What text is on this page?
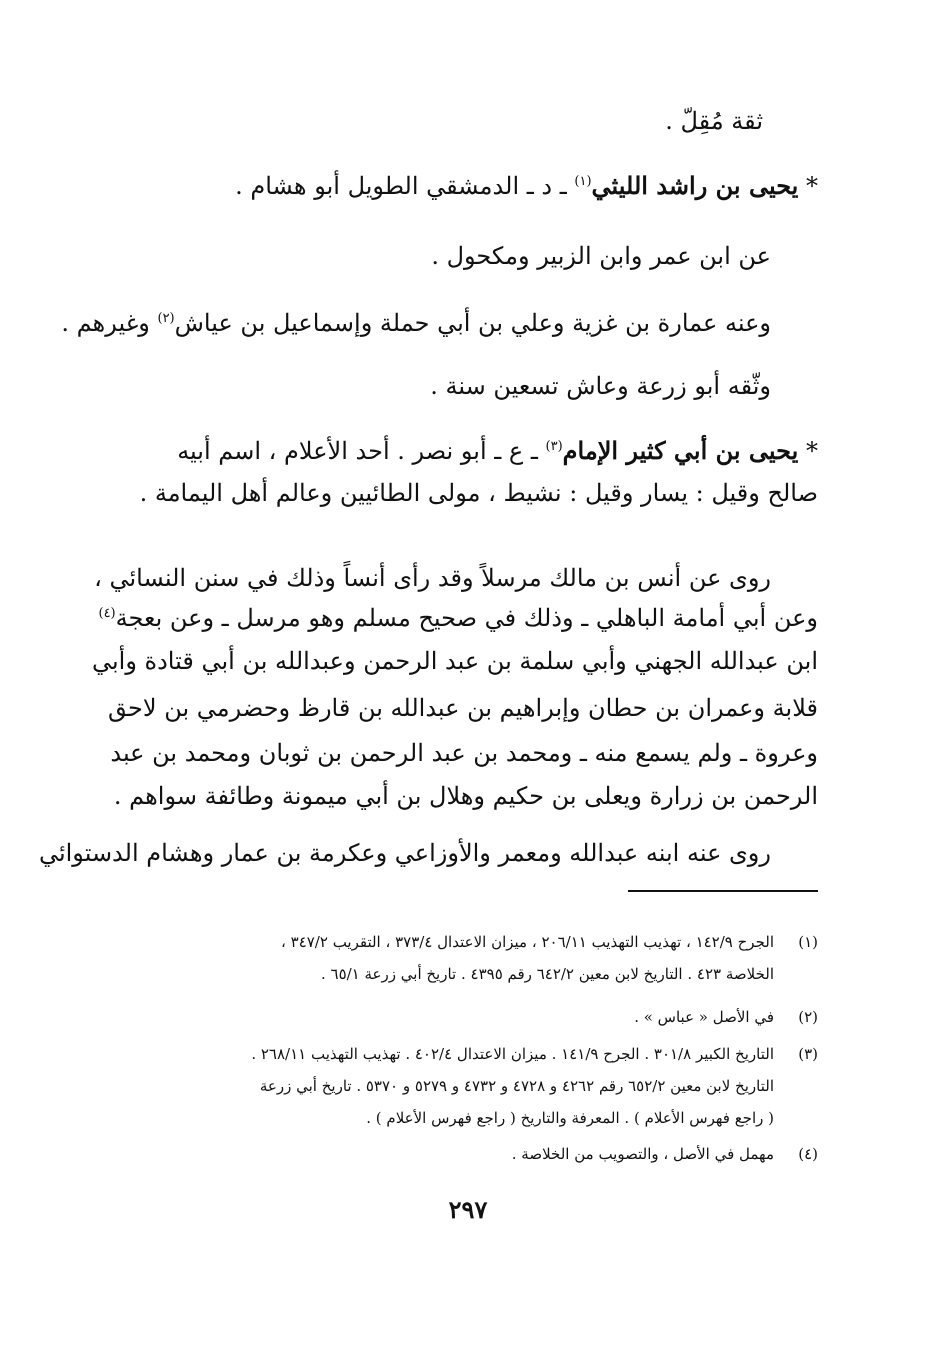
ثقة مُقِلّ .
* يحيى بن راشد الليثي$^{(١)}$ ـ د ـ الدمشقي الطويل أبو هشام .
عن ابن عمر وابن الزبير ومكحول .
وعنه عمارة بن غزية وعلي بن أبي حملة وإسماعيل بن عياش$^{(٢)}$ وغيرهم .
وثّقه أبو زرعة وعاش تسعين سنة .
* يحيى بن أبي كثير الإمام$^{(٣)}$ ـ ع ـ أبو نصر . أحد الأعلام ، اسم أبيه
صالح وقيل : يسار وقيل : نشيط ، مولى الطائيين وعالم أهل اليمامة .
روى عن أنس بن مالك مرسلاً وقد رأى أنساً وذلك في سنن النسائي ،
وعن أبي أمامة الباهلي ـ وذلك في صحيح مسلم وهو مرسل ـ وعن بعجة$^{(٤)}$
ابن عبدالله الجهني وأبي سلمة بن عبد الرحمن وعبدالله بن أبي قتادة وأبي
قلابة وعمران بن حطان وإبراهيم بن عبدالله بن قارظ وحضرمي بن لاحق
وعروة ـ ولم يسمع منه ـ ومحمد بن عبد الرحمن بن ثوبان ومحمد بن عبد
الرحمن بن زرارة ويعلى بن حكيم وهلال بن أبي ميمونة وطائفة سواهم .
روى عنه ابنه عبدالله ومعمر والأوزاعي وعكرمة بن عمار وهشام الدستوائي
(١)
الجرح ١٤٢/٩ ، تهذيب التهذيب ٢٠٦/١١ ، ميزان الاعتدال ٣٧٣/٤ ، التقريب ٣٤٧/٢ ،
الخلاصة ٤٢٣ . التاريخ لابن معين ٦٤٢/٢ رقم ٤٣٩٥ . تاريخ أبي زرعة ٦٥/١ .
(٢)
في الأصل « عباس » .
(٣)
التاريخ الكبير ٣٠١/٨ . الجرح ١٤١/٩ . ميزان الاعتدال ٤٠٢/٤ . تهذيب التهذيب ٢٦٨/١١ .
التاريخ لابن معين ٦٥٢/٢ رقم ٤٢٦٢ و ٤٧٢٨ و ٤٧٣٢ و ٥٢٧٩ و ٥٣٧٠ . تاريخ أبي زرعة
( راجع فهرس الأعلام ) . المعرفة والتاريخ ( راجع فهرس الأعلام ) .
(٤)
مهمل في الأصل ، والتصويب من الخلاصة .
٢٩٧
